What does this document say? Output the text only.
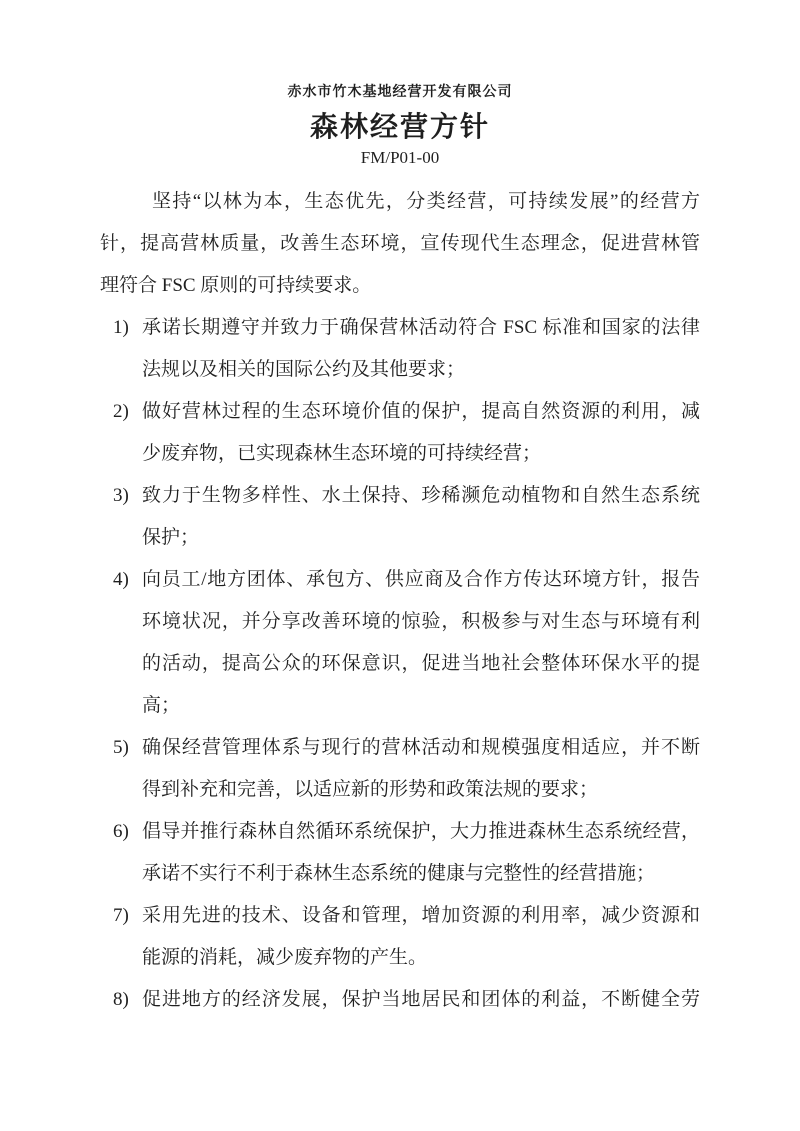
赤水市竹木基地经营开发有限公司
森林经营方针
FM/P01-00
坚持“以林为本，生态优先，分类经营，可持续发展”的经营方
针，提高营林质量，改善生态环境，宣传现代生态理念，促进营林管
理符合 FSC 原则的可持续要求。
1) 承诺长期遵守并致力于确保营林活动符合 FSC 标准和国家的法律
法规以及相关的国际公约及其他要求；
2) 做好营林过程的生态环境价值的保护，提高自然资源的利用，减
少废弃物，已实现森林生态环境的可持续经营；
3) 致力于生物多样性、水土保持、珍稀濒危动植物和自然生态系统
保护；
4) 向员工/地方团体、承包方、供应商及合作方传达环境方针，报告
环境状况，并分享改善环境的惊验，积极参与对生态与环境有利
的活动，提高公众的环保意识，促进当地社会整体环保水平的提
高；
5) 确保经营管理体系与现行的营林活动和规模强度相适应，并不断
得到补充和完善，以适应新的形势和政策法规的要求；
6) 倡导并推行森林自然循环系统保护，大力推进森林生态系统经营，
承诺不实行不利于森林生态系统的健康与完整性的经营措施；
7) 采用先进的技术、设备和管理，增加资源的利用率，减少资源和
能源的消耗，减少废弃物的产生。
8) 促进地方的经济发展，保护当地居民和团体的利益，不断健全劳
